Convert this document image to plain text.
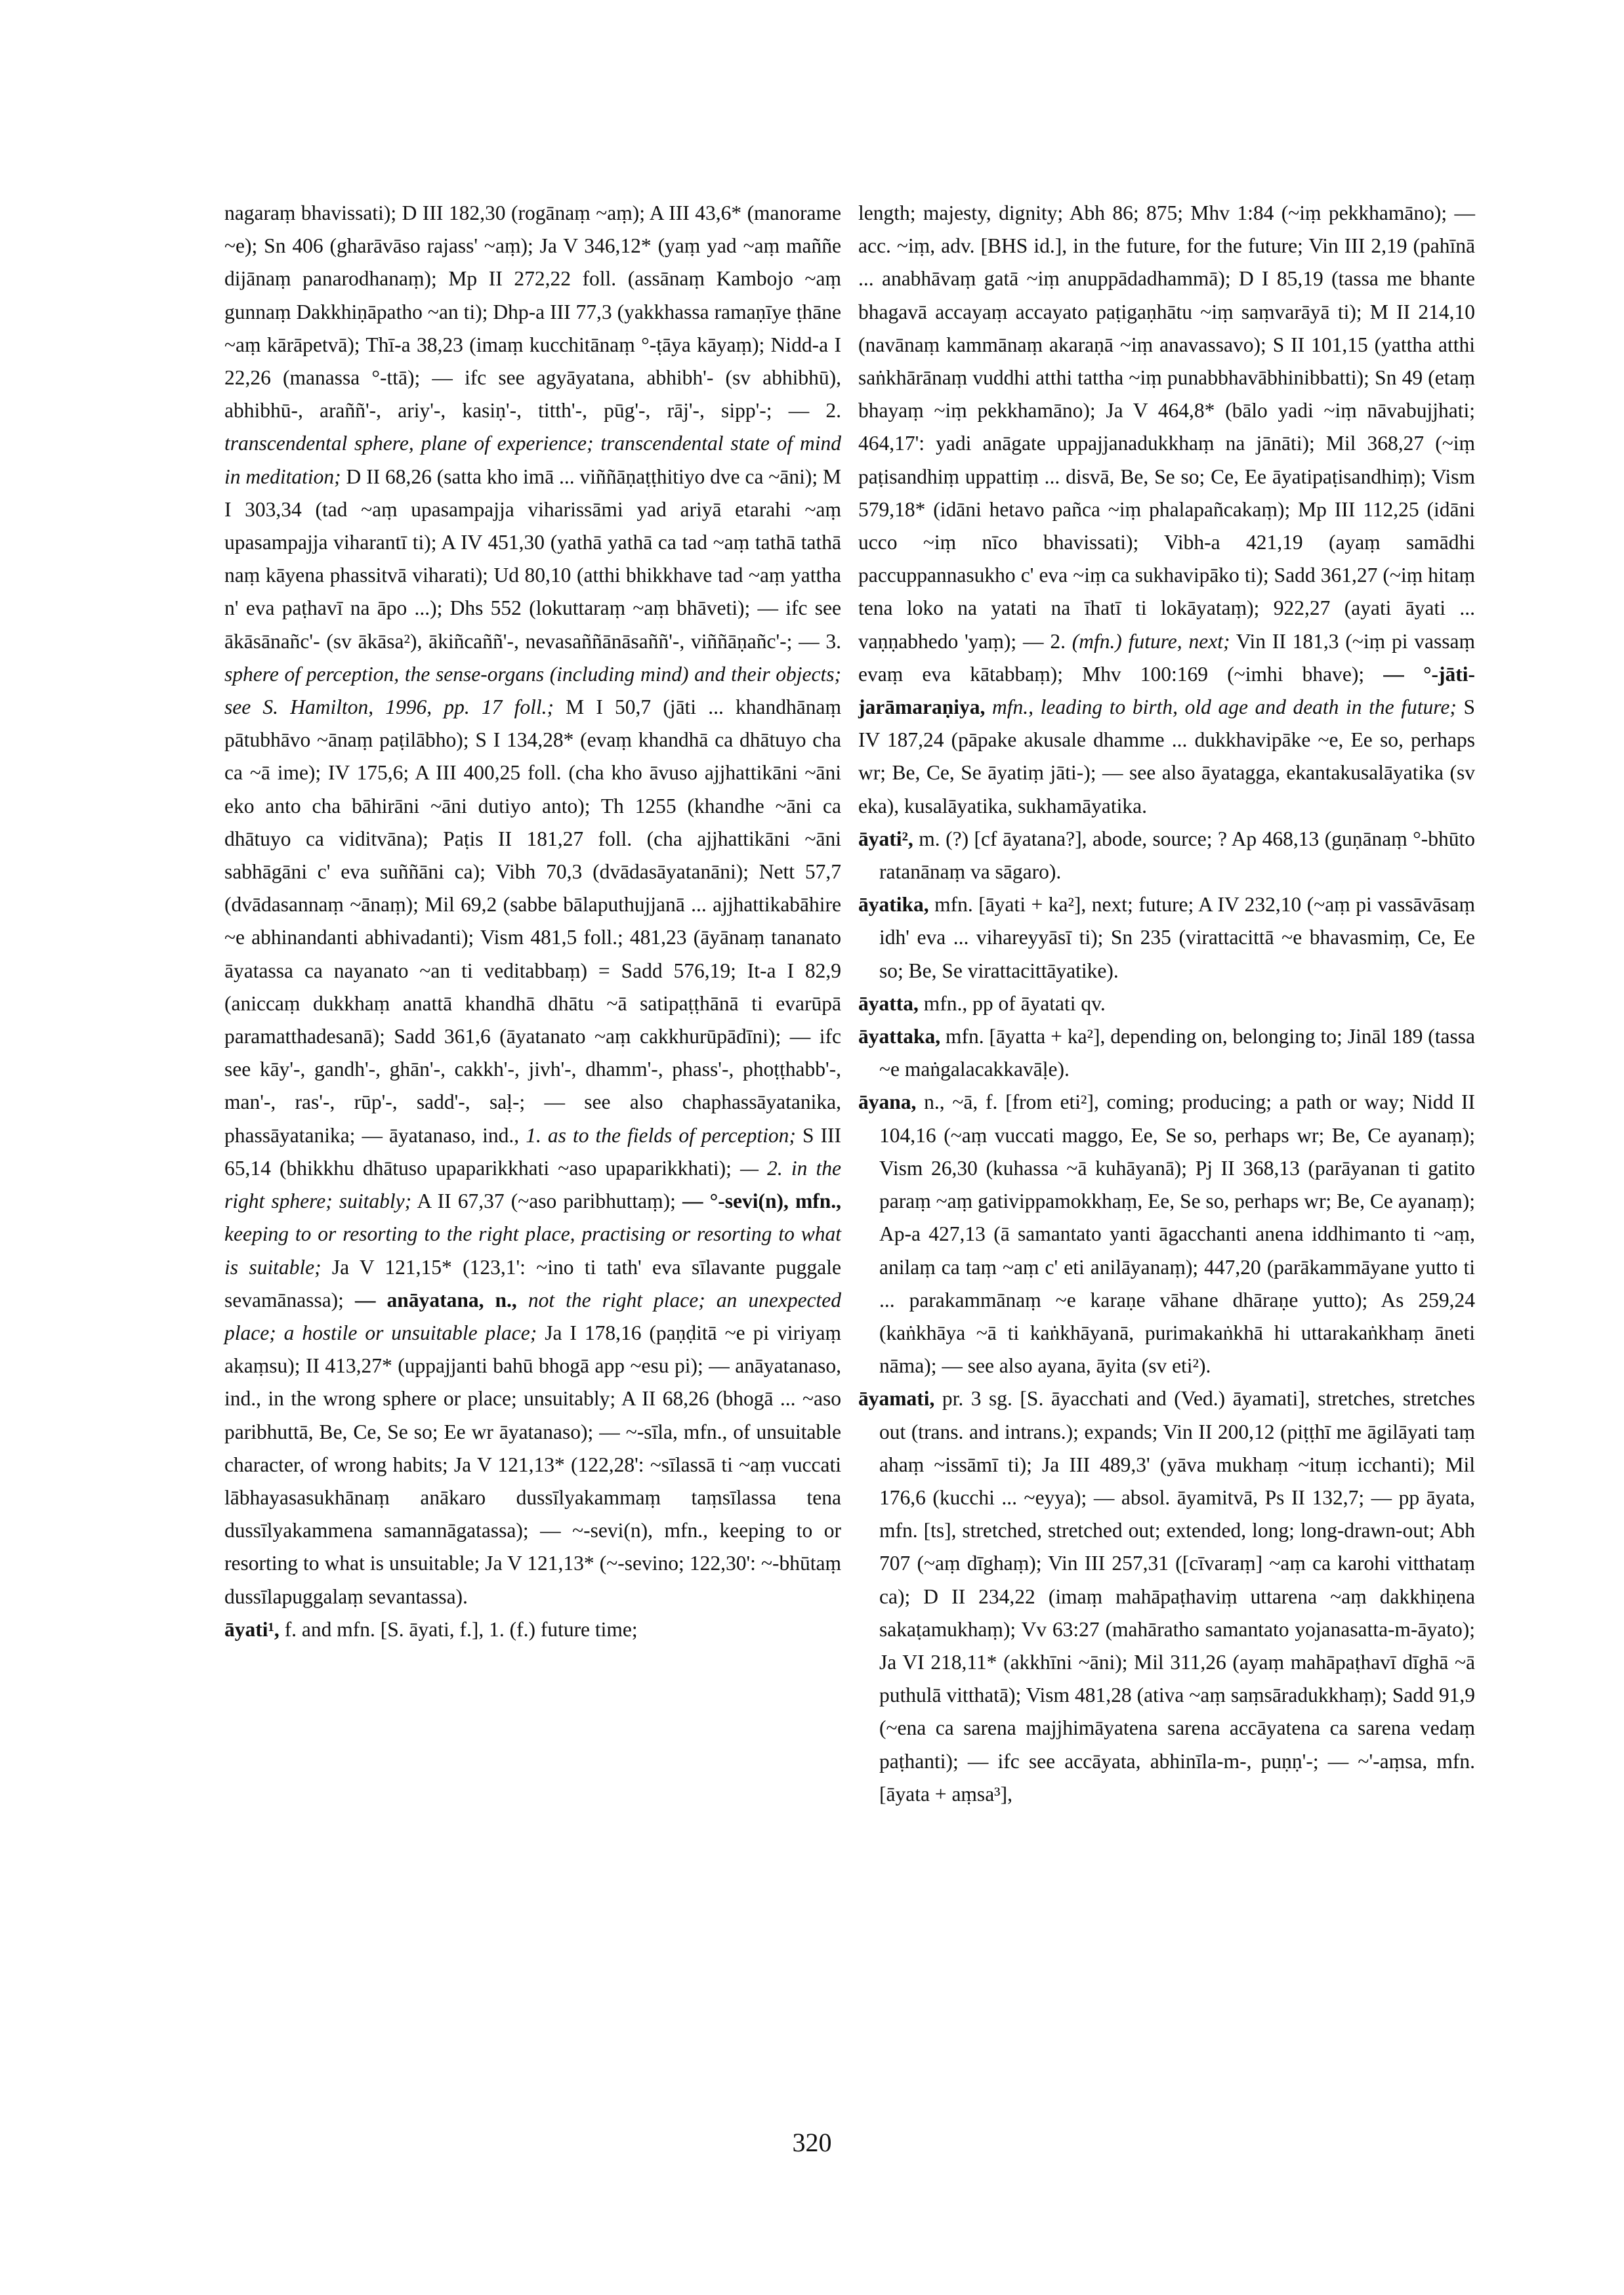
nagaraṃ bhavissati); D III 182,30 (rogānaṃ ~aṃ); A III 43,6* (manorame ~e); Sn 406 (gharāvāso rajass' ~aṃ); Ja V 346,12* (yaṃ yad ~aṃ maññe dijānaṃ panarodhanaṃ); Mp II 272,22 foll. (assānaṃ Kambojo ~aṃ gunnaṃ Dakkhiṇāpatho ~an ti); Dhp-a III 77,3 (yakkhassa ramaṇīye ṭhāne ~aṃ kārāpetvā); Thī-a 38,23 (imaṃ kucchitānaṃ °-ṭāya kāyaṃ); Nidd-a I 22,26 (manassa °-ttā); — ifc see agyāyatana, abhibh'- (sv abhibhū), abhibhū-, araññ'-, ariy'-, kasiṇ'-, titth'-, pūg'-, rāj'-, sipp'-; — 2. transcendental sphere, plane of experience; transcendental state of mind in meditation; D II 68,26 (satta kho imā ... viññāṇaṭṭhitiyo dve ca ~āni); M I 303,34 (tad ~aṃ upasampajja viharissāmi yad ariyā etarahi ~aṃ upasampajja viharantī ti); A IV 451,30 (yathā yathā ca tad ~aṃ tathā tathā naṃ kāyena phassitvā viharati); Ud 80,10 (atthi bhikkhave tad ~aṃ yattha n' eva paṭhavī na āpo ...); Dhs 552 (lokuttaraṃ ~aṃ bhāveti); — ifc see ākāsānañc'- (sv ākāsa²), ākiñcaññ'-, nevasaññānāsaññ'-, viññāṇañc'-; — 3. sphere of perception, the sense-organs (including mind) and their objects; see S. Hamilton, 1996, pp. 17 foll.; M I 50,7 (jāti ... khandhānaṃ pātubhāvo ~ānaṃ paṭilābho); S I 134,28* (evaṃ khandhā ca dhātuyo cha ca ~ā ime); IV 175,6; A III 400,25 foll. (cha kho āvuso ajjhattikāni ~āni eko anto cha bāhirāni ~āni dutiyo anto); Th 1255 (khandhe ~āni ca dhātuyo ca viditvāna); Paṭis II 181,27 foll. (cha ajjhattikāni ~āni sabhāgāni c' eva suññāni ca); Vibh 70,3 (dvādasāyatanāni); Nett 57,7 (dvādasannaṃ ~ānaṃ); Mil 69,2 (sabbe bālaputhujjanā ... ajjhattikabāhire ~e abhinandanti abhivadanti); Vism 481,5 foll.; 481,23 (āyānaṃ tananato āyatassa ca nayanato ~an ti veditabbaṃ) = Sadd 576,19; It-a I 82,9 (aniccaṃ dukkhaṃ anattā khandhā dhātu ~ā satipaṭṭhānā ti evarūpā paramatthadesanā); Sadd 361,6 (āyatanato ~aṃ cakkhurūpādīni); — ifc see kāy'-, gandh'-, ghān'-, cakkh'-, jivh'-, dhamm'-, phass'-, phoṭṭhabb'-, man'-, ras'-, rūp'-, sadd'-, saḷ-; — see also chaphassāyatanika, phassāyatanika; — āyatanaso, ind., 1. as to the fields of perception; S III 65,14 (bhikkhu dhātuso upaparikkhati ~aso upaparikkhati); — 2. in the right sphere; suitably; A II 67,37 (~aso paribhuttaṃ); — °-sevi(n), mfn., keeping to or resorting to the right place, practising or resorting to what is suitable; Ja V 121,15* (123,1': ~ino ti tath' eva sīlavante puggale sevamānassa); — anāyatana, n., not the right place; an unexpected place; a hostile or unsuitable place; Ja I 178,16 (paṇḍitā ~e pi viriyaṃ akaṃsu); II 413,27* (uppajjanti bahū bhogā app ~esu pi); — anāyatanaso, ind., in the wrong sphere or place; unsuitably; A II 68,26 (bhogā ... ~aso paribhuttā, Be, Ce, Se so; Ee wr āyatanaso); — ~-sīla, mfn., of unsuitable character, of wrong habits; Ja V 121,13* (122,28': ~sīlassā ti ~aṃ vuccati lābhayasasukhānaṃ anākaro dussīlyakammaṃ taṃsīlassa tena dussīlyakammena samannāgatassa); — ~-sevi(n), mfn., keeping to or resorting to what is unsuitable; Ja V 121,13* (~-sevino; 122,30': ~-bhūtaṃ dussīlapuggalaṃ sevantassa).

āyati¹, f. and mfn. [S. āyati, f.], 1. (f.) future time;

length; majesty, dignity; Abh 86; 875; Mhv 1:84 (~iṃ pekkhamāno); — acc. ~iṃ, adv. [BHS id.], in the future, for the future; Vin III 2,19 (pahīnā ... anabhāvaṃ gatā ~iṃ anuppādadhammā); D I 85,19 (tassa me bhante bhagavā accayaṃ accayato paṭigaṇhātu ~iṃ saṃvarāyā ti); M II 214,10 (navānaṃ kammānaṃ akaraṇā ~iṃ anavassavo); S II 101,15 (yattha atthi saṅkhārānaṃ vuddhi atthi tattha ~iṃ punabbhavābhinibbatti); Sn 49 (etaṃ bhayaṃ ~iṃ pekkhamāno); Ja V 464,8* (bālo yadi ~iṃ nāvabujjhati; 464,17': yadi anāgate uppajjanadukkhaṃ na jānāti); Mil 368,27 (~iṃ paṭisandhiṃ uppattiṃ ... disvā, Be, Se so; Ce, Ee āyatipaṭisandhiṃ); Vism 579,18* (idāni hetavo pañca ~iṃ phalapañcakaṃ); Mp III 112,25 (idāni ucco ~iṃ nīco bhavissati); Vibh-a 421,19 (ayaṃ samādhi paccuppannasukho c' eva ~iṃ ca sukhavipāko ti); Sadd 361,27 (~iṃ hitaṃ tena loko na yatati na īhatī ti lokāyataṃ); 922,27 (ayati āyati ... vaṇṇabhedo 'yaṃ); — 2. (mfn.) future, next; Vin II 181,3 (~iṃ pi vassaṃ evaṃ eva kātabbaṃ); Mhv 100:169 (~imhi bhave); — °-jāti-jarāmaraṇiya, mfn., leading to birth, old age and death in the future; S IV 187,24 (pāpake akusale dhamme ... dukkhavipāke ~e, Ee so, perhaps wr; Be, Ce, Se āyatiṃ jāti-); — see also āyatagga, ekantakusalāyatika (sv eka), kusalāyatika, sukhamāyatika.

āyati², m. (?) [cf āyatana?], abode, source; ? Ap 468,13 (guṇānaṃ °-bhūto ratanānaṃ va sāgaro).

āyatika, mfn. [āyati + ka²], next; future; A IV 232,10 (~aṃ pi vassāvāsaṃ idh' eva ... vihareyyāsī ti); Sn 235 (virattacittā ~e bhavasmiṃ, Ce, Ee so; Be, Se virattacittāyatike).

āyatta, mfn., pp of āyatati qv.

āyattaka, mfn. [āyatta + ka²], depending on, belonging to; Jināl 189 (tassa ~e maṅgalacakkavāḷe).

āyana, n., ~ā, f. [from eti²], coming; producing; a path or way; Nidd II 104,16 (~aṃ vuccati maggo, Ee, Se so, perhaps wr; Be, Ce ayanaṃ); Vism 26,30 (kuhassa ~ā kuhāyanā); Pj II 368,13 (parāyanan ti gatito paraṃ ~aṃ gativippamokkhaṃ, Ee, Se so, perhaps wr; Be, Ce ayanaṃ); Ap-a 427,13 (ā samantato yanti āgacchanti anena iddhimanto ti ~aṃ, anilaṃ ca taṃ ~aṃ c' eti anilāyanaṃ); 447,20 (parākammāyane yutto ti ... parakammānaṃ ~e karaṇe vāhane dhāraṇe yutto); As 259,24 (kaṅkhāya ~ā ti kaṅkhāyanā, purimakaṅkhā hi uttarakaṅkhaṃ āneti nāma); — see also ayana, āyita (sv eti²).

āyamati, pr. 3 sg. [S. āyacchati and (Ved.) āyamati], stretches, stretches out (trans. and intrans.); expands; Vin II 200,12 (piṭṭhī me āgilāyati taṃ ahaṃ ~issāmī ti); Ja III 489,3' (yāva mukhaṃ ~ituṃ icchanti); Mil 176,6 (kucchi ... ~eyya); — absol. āyamitvā, Ps II 132,7; — pp āyata, mfn. [ts], stretched, stretched out; extended, long; long-drawn-out; Abh 707 (~aṃ dīghaṃ); Vin III 257,31 ([cīvaraṃ] ~aṃ ca karohi vitthataṃ ca); D II 234,22 (imaṃ mahāpaṭhaviṃ uttarena ~aṃ dakkhiṇena sakaṭamukhaṃ); Vv 63:27 (mahāratho samantato yojanasatta-m-āyato); Ja VI 218,11* (akkhīni ~āni); Mil 311,26 (ayaṃ mahāpaṭhavī dīghā ~ā puthulā vitthatā); Vism 481,28 (ativa ~aṃ saṃsāradukkhaṃ); Sadd 91,9 (~ena ca sarena majjhimāyatena sarena accāyatena ca sarena vedaṃ paṭhanti); — ifc see accāyata, abhinīla-m-, puṇṇ'-; — ~'-aṃsa, mfn. [āyata + aṃsa³],

320
